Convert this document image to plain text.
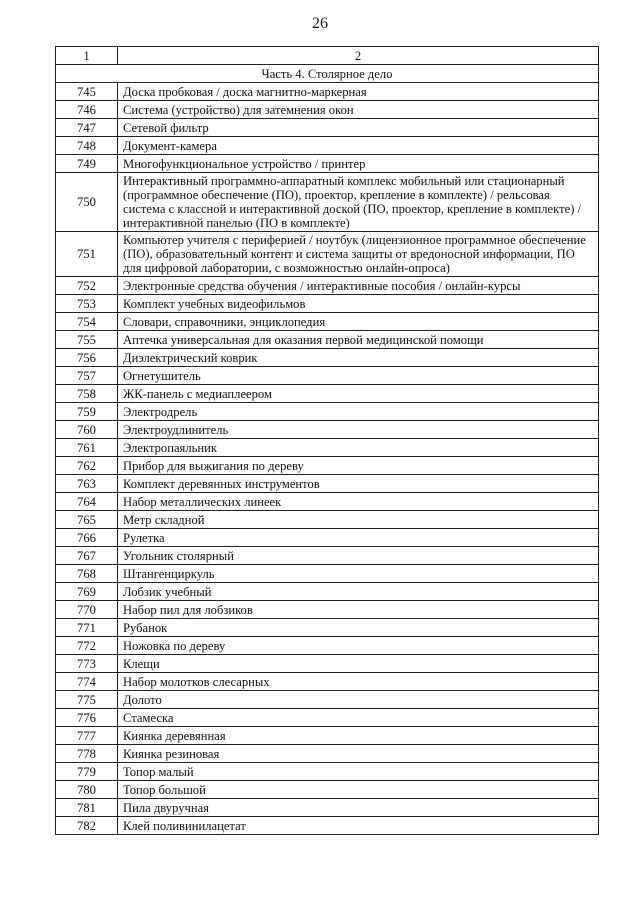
26
1	2
Часть 4. Столярное дело	
745	Доска пробковая / доска магнитно-маркерная
746	Система (устройство) для затемнения окон
747	Сетевой фильтр
748	Документ-камера
749	Многофункциональное устройство / принтер
750	Интерактивный программно-аппаратный комплекс мобильный или стационарный (программное обеспечение (ПО), проектор, крепление в комплекте) / рельсовая система с классной и интерактивной доской (ПО, проектор, крепление в комплекте) / интерактивной панелью (ПО в комплекте)
751	Компьютер учителя с периферией / ноутбук (лицензионное программное обеспечение (ПО), образовательный контент и система защиты от вредоносной информации, ПО для цифровой лаборатории, с возможностью онлайн-опроса)
752	Электронные средства обучения / интерактивные пособия / онлайн-курсы
753	Комплект учебных видеофильмов
754	Словари, справочники, энциклопедия
755	Аптечка универсальная для оказания первой медицинской помощи
756	Диэлектрический коврик
757	Огнетушитель
758	ЖК-панель с медиаплеером
759	Электродрель
760	Электроудлинитель
761	Электропаяльник
762	Прибор для выжигания по дереву
763	Комплект деревянных инструментов
764	Набор металлических линеек
765	Метр складной
766	Рулетка
767	Угольник столярный
768	Штангенциркуль
769	Лобзик учебный
770	Набор пил для лобзиков
771	Рубанок
772	Ножовка по дереву
773	Клещи
774	Набор молотков слесарных
775	Долото
776	Стамеска
777	Киянка деревянная
778	Киянка резиновая
779	Топор малый
780	Топор большой
781	Пила двуручная
782	Клей поливинилацетат
